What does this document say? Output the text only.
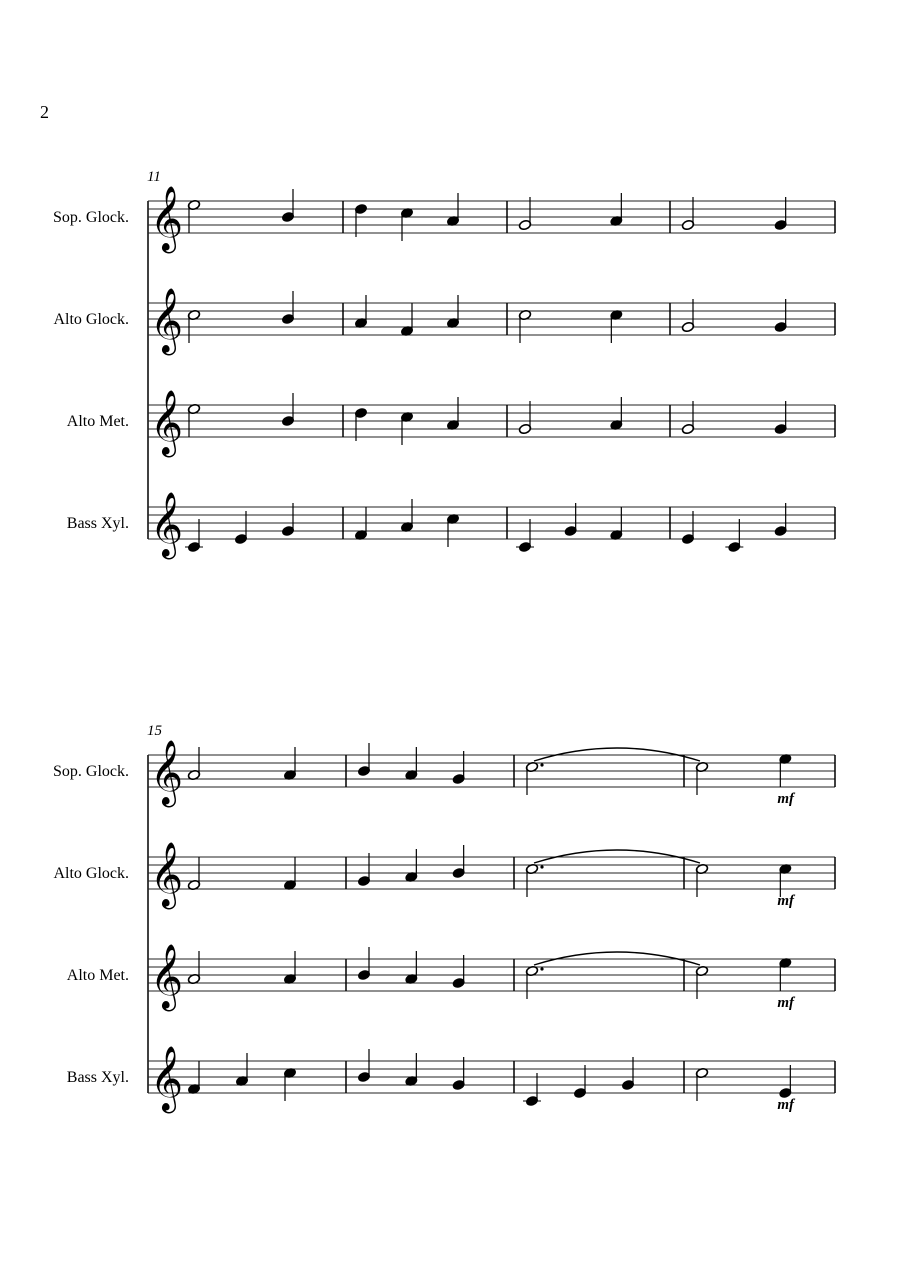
2
11
Sop. Glock. 𝄞
Alto Glock. 𝄞
Alto Met. 𝄞
Bass Xyl. 𝄞
15
Sop. Glock. 𝄞	mf
Alto Glock. 𝄞	mf
Alto Met. 𝄞	mf
Bass Xyl. 𝄞	mf
